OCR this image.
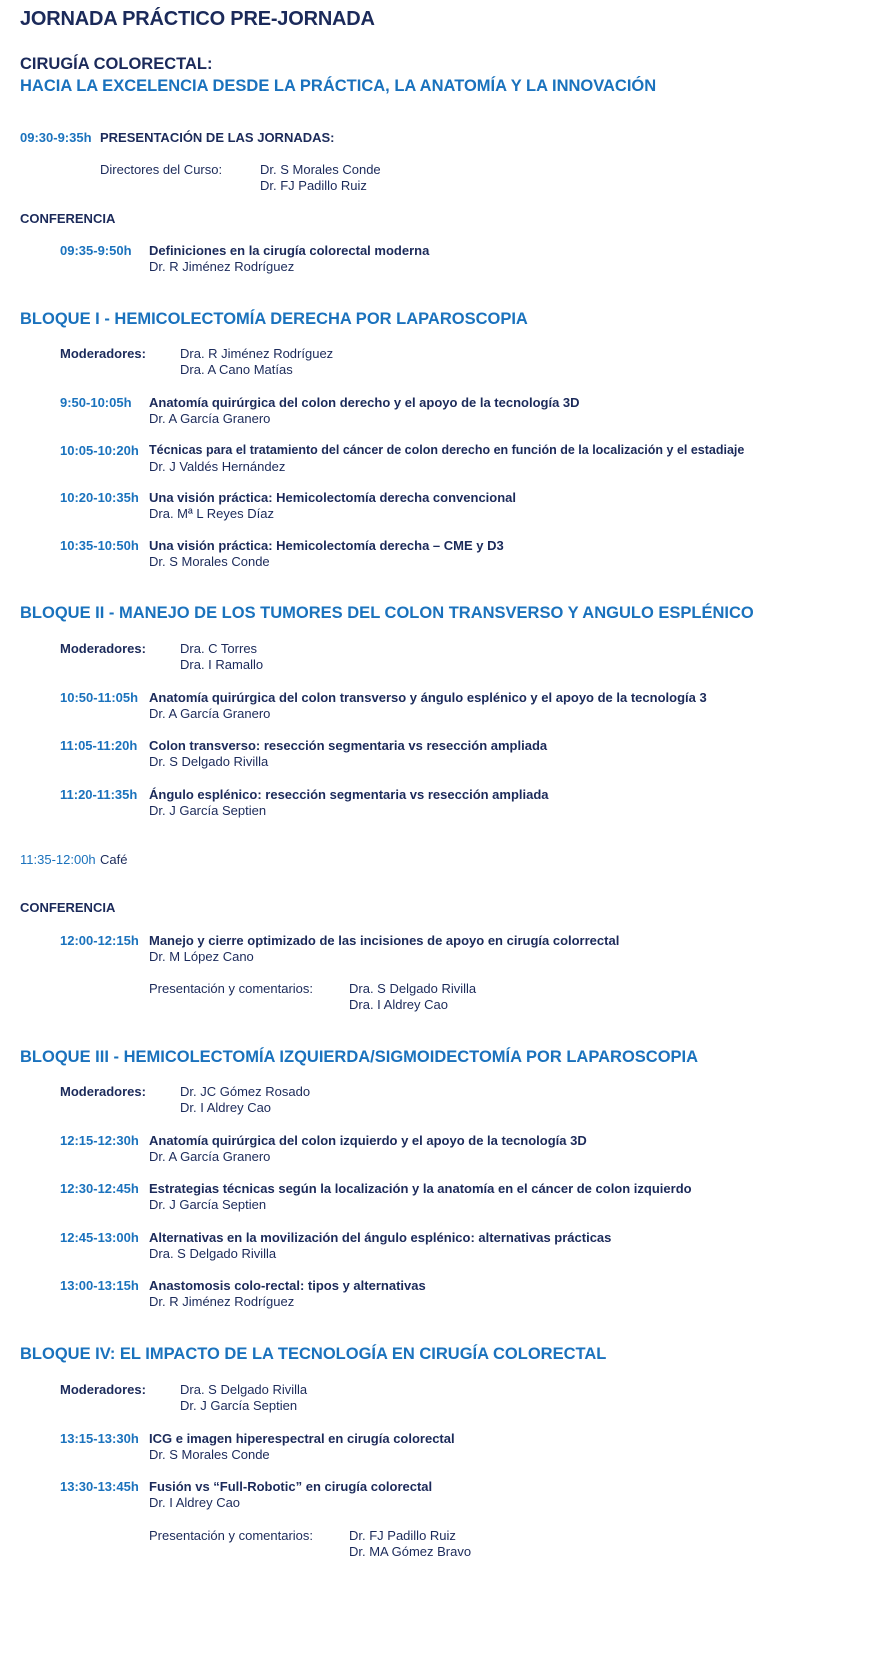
JORNADA PRÁCTICO PRE-JORNADA
CIRUGÍA COLORECTAL:
HACIA LA EXCELENCIA DESDE LA PRÁCTICA, LA ANATOMÍA Y LA INNOVACIÓN
09:30-9:35h PRESENTACIÓN DE LAS JORNADAS:
Directores del Curso:	Dr. S Morales Conde
Dr. FJ Padillo Ruiz
CONFERENCIA
09:35-9:50h Definiciones en la cirugía colorectal moderna
Dr. R Jiménez Rodríguez
BLOQUE I - HEMICOLECTOMÍA DERECHA POR LAPAROSCOPIA
Moderadores:	Dra. R Jiménez Rodríguez
Dra. A Cano Matías
9:50-10:05h Anatomía quirúrgica del colon derecho y el apoyo de la tecnología 3D
Dr. A García Granero
10:05-10:20h Técnicas para el tratamiento del cáncer de colon derecho en función de la localización y el estadiaje
Dr. J Valdés Hernández
10:20-10:35h Una visión práctica: Hemicolectomía derecha convencional
Dra. Mª L Reyes Díaz
10:35-10:50h Una visión práctica: Hemicolectomía derecha – CME y D3
Dr. S Morales Conde
BLOQUE II - MANEJO DE LOS TUMORES DEL COLON TRANSVERSO Y ANGULO ESPLÉNICO
Moderadores:	Dra. C Torres
Dra. I Ramallo
10:50-11:05h Anatomía quirúrgica del colon transverso y ángulo esplénico y el apoyo de la tecnología 3
Dr. A García Granero
11:05-11:20h Colon transverso: resección segmentaria vs resección ampliada
Dr. S Delgado Rivilla
11:20-11:35h Ángulo esplénico: resección segmentaria vs resección ampliada
Dr. J García Septien
11:35-12:00h Café
CONFERENCIA
12:00-12:15h Manejo y cierre optimizado de las incisiones de apoyo en cirugía colorrectal
Dr. M López Cano
Presentación y comentarios:	Dra. S Delgado Rivilla
Dra. I Aldrey Cao
BLOQUE III - HEMICOLECTOMÍA IZQUIERDA/SIGMOIDECTOMÍA POR LAPAROSCOPIA
Moderadores:	Dr. JC Gómez Rosado
Dr. I Aldrey Cao
12:15-12:30h Anatomía quirúrgica del colon izquierdo y el apoyo de la tecnología 3D
Dr. A García Granero
12:30-12:45h Estrategias técnicas según la localización y la anatomía en el cáncer de colon izquierdo
Dr. J García Septien
12:45-13:00h Alternativas en la movilización del ángulo esplénico: alternativas prácticas
Dra. S Delgado Rivilla
13:00-13:15h Anastomosis colo-rectal: tipos y alternativas
Dr. R Jiménez Rodríguez
BLOQUE IV: EL IMPACTO DE LA TECNOLOGÍA EN CIRUGÍA COLORECTAL
Moderadores:	Dra. S Delgado Rivilla
Dr. J García Septien
13:15-13:30h ICG e imagen hiperespectral en cirugía colorectal
Dr. S Morales Conde
13:30-13:45h Fusión vs “Full-Robotic” en cirugía colorectal
Dr. I Aldrey Cao
Presentación y comentarios:	Dr. FJ Padillo Ruiz
Dr. MA Gómez Bravo
